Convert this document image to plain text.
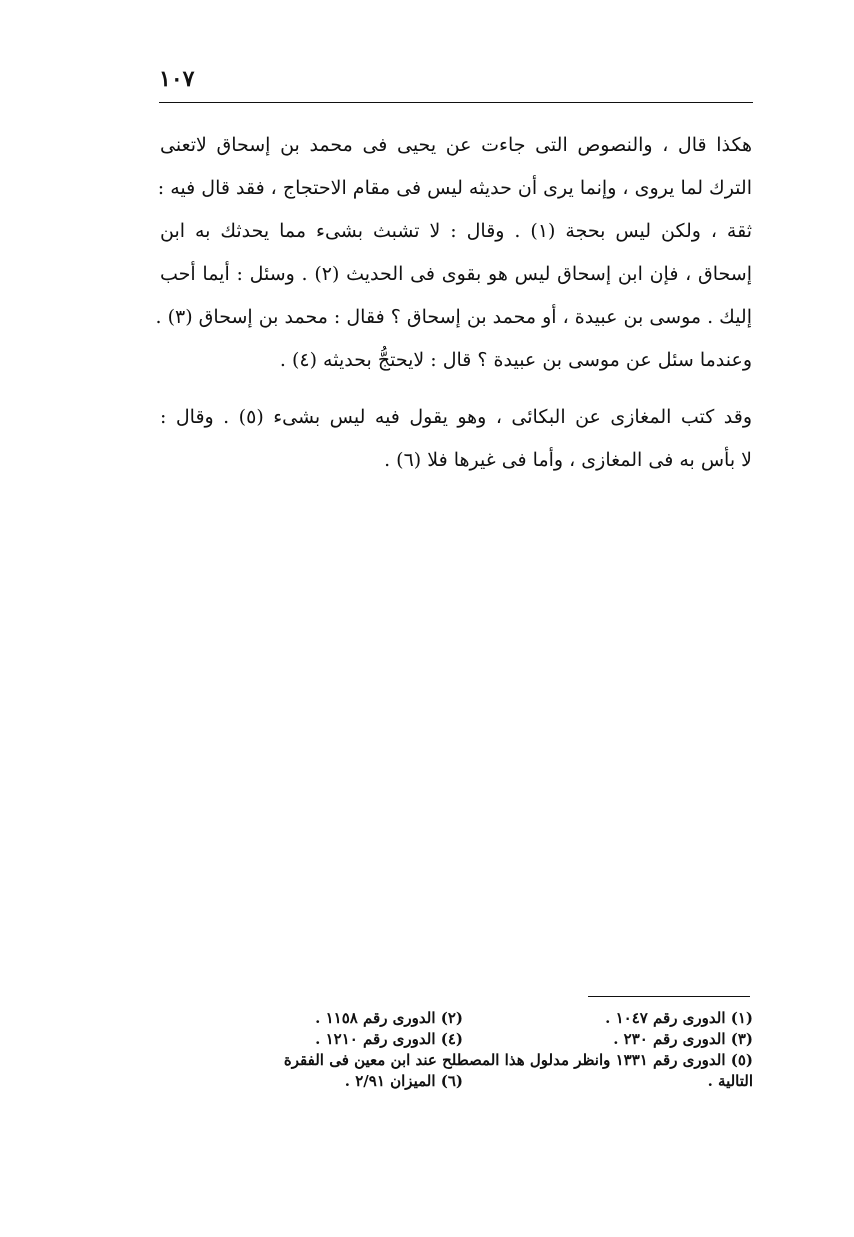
١٠٧
هكذا قال ، والنصوص التى جاءت عن يحيى فى محمد بن إسحاق لاتعنى
الترك لما يروى ، وإنما يرى أن حديثه ليس فى مقام الاحتجاج ، فقد قال فيه :
ثقة ، ولكن ليس بحجة (١) . وقال : لا تشبث بشىء مما يحدثك به ابن
إسحاق ، فإن ابن إسحاق ليس هو بقوى فى الحديث (٢) . وسئل : أيما أحب
إليك . موسى بن عبيدة ، أو محمد بن إسحاق ؟ فقال : محمد بن إسحاق (٣) .
وعندما سئل عن موسى بن عبيدة ؟ قال : لايحتجُّ بحديثه (٤) .
وقد كتب المغازى عن البكائى ، وهو يقول فيه ليس بشىء (٥) . وقال :
لا بأس به فى المغازى ، وأما فى غيرها فلا (٦) .
(١) الدورى رقم ١٠٤٧ .
(٢) الدورى رقم ١١٥٨ .
(٣) الدورى رقم ٢٣٠ .
(٤) الدورى رقم ١٢١٠ .
(٥) الدورى رقم ١٣٣١ وانظر مدلول هذا المصطلح عند ابن معين فى الفقرة
التالية .
(٦) الميزان ٢/٩١ .
